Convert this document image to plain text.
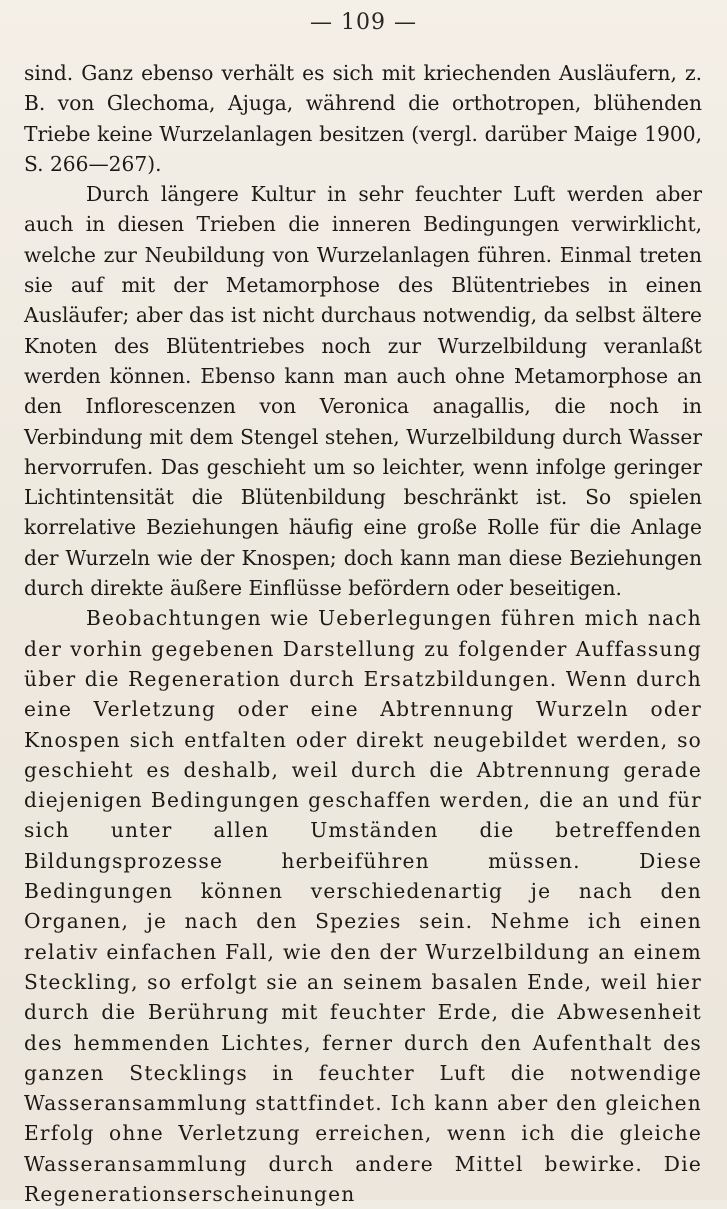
— 109 —

sind. Ganz ebenso verhält es sich mit kriechenden Ausläufern, z. B. von Glechoma, Ajuga, während die orthotropen, blühenden Triebe keine Wurzelanlagen besitzen (vergl. darüber Maige 1900, S. 266—267).

Durch längere Kultur in sehr feuchter Luft werden aber auch in diesen Trieben die inneren Bedingungen verwirklicht, welche zur Neubildung von Wurzelanlagen führen. Einmal treten sie auf mit der Metamorphose des Blütentriebes in einen Ausläufer; aber das ist nicht durchaus notwendig, da selbst ältere Knoten des Blütentriebes noch zur Wurzelbildung veranlaßt werden können. Ebenso kann man auch ohne Metamorphose an den Inflorescenzen von Veronica anagallis, die noch in Verbindung mit dem Stengel stehen, Wurzelbildung durch Wasser hervorrufen. Das geschieht um so leichter, wenn infolge geringer Lichtintensität die Blütenbildung beschränkt ist. So spielen korrelative Beziehungen häufig eine große Rolle für die Anlage der Wurzeln wie der Knospen; doch kann man diese Beziehungen durch direkte äußere Einflüsse befördern oder beseitigen.

Beobachtungen wie Ueberlegungen führen mich nach der vorhin gegebenen Darstellung zu folgender Auffassung über die Regeneration durch Ersatzbildungen. Wenn durch eine Verletzung oder eine Abtrennung Wurzeln oder Knospen sich entfalten oder direkt neugebildet werden, so geschieht es deshalb, weil durch die Abtrennung gerade diejenigen Bedingungen geschaffen werden, die an und für sich unter allen Umständen die betreffenden Bildungsprozesse herbeiführen müssen. Diese Bedingungen können verschiedenartig je nach den Organen, je nach den Spezies sein. Nehme ich einen relativ einfachen Fall, wie den der Wurzelbildung an einem Steckling, so erfolgt sie an seinem basalen Ende, weil hier durch die Berührung mit feuchter Erde, die Abwesenheit des hemmenden Lichtes, ferner durch den Aufenthalt des ganzen Stecklings in feuchter Luft die notwendige Wasseransammlung stattfindet. Ich kann aber den gleichen Erfolg ohne Verletzung erreichen, wenn ich die gleiche Wasseransammlung durch andere Mittel bewirke. Die Regenerationserscheinungen
